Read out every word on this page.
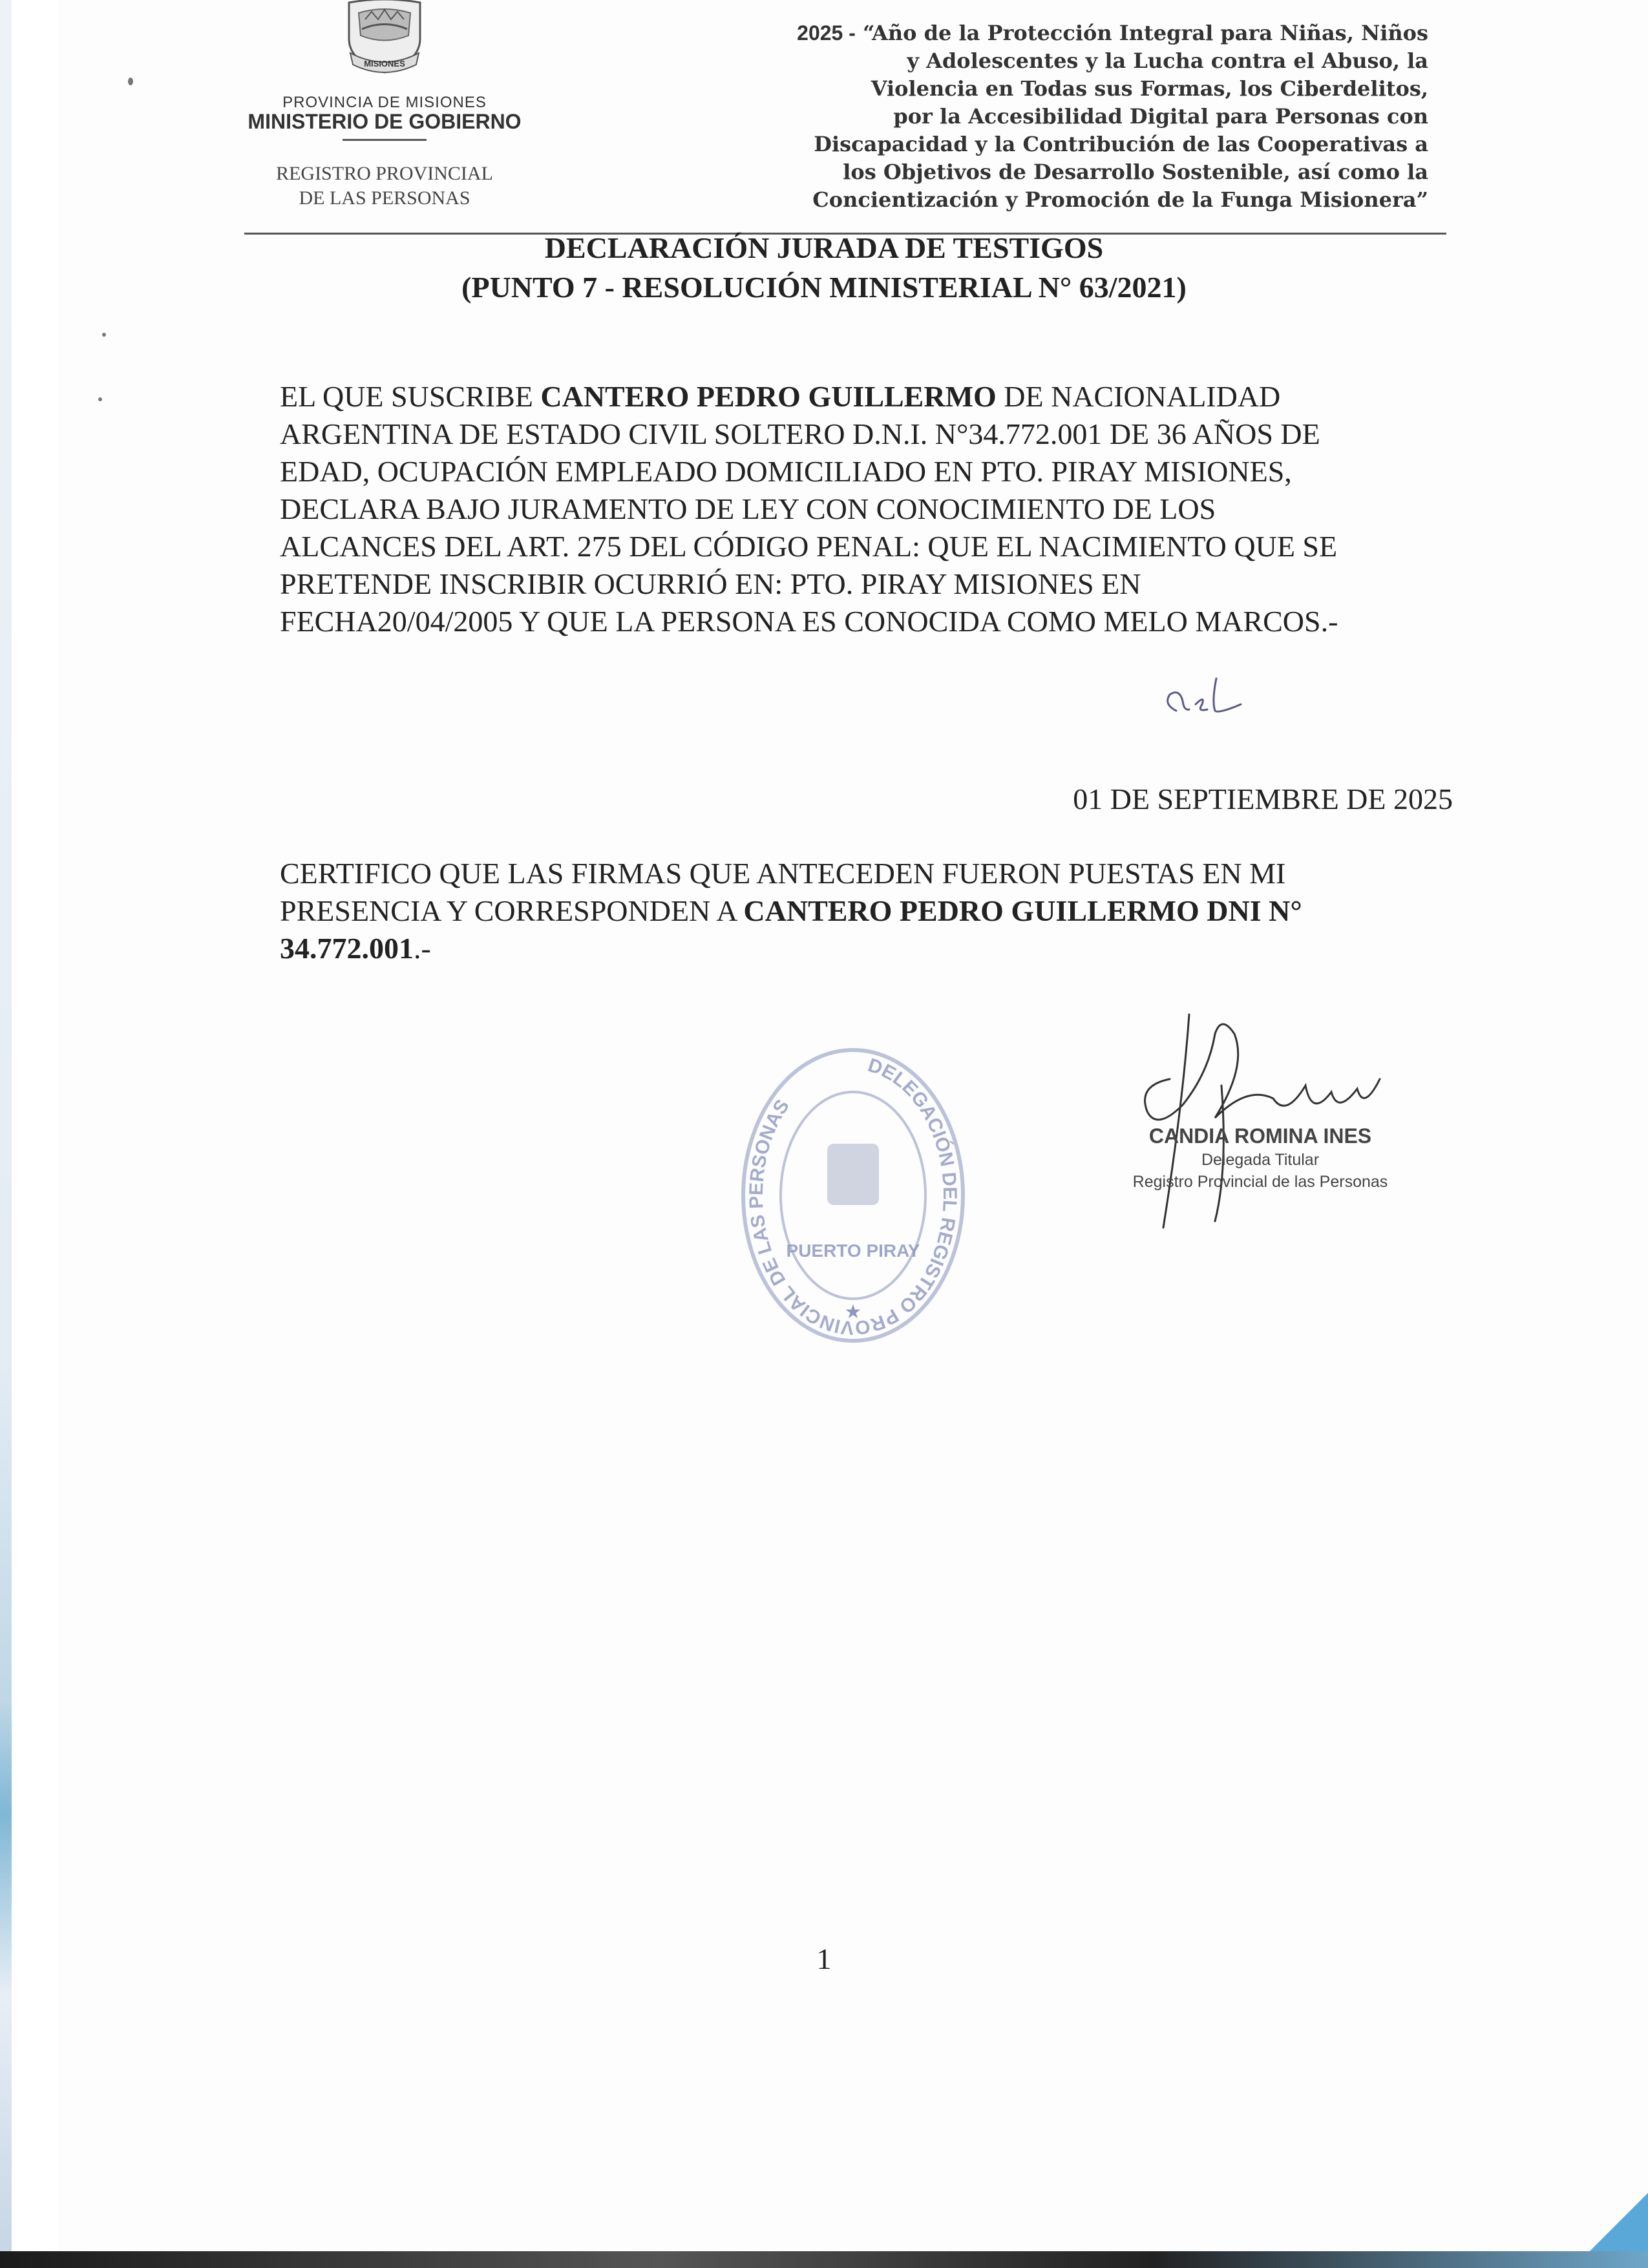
MISIONES
PROVINCIA DE MISIONES
MINISTERIO DE GOBIERNO
REGISTRO PROVINCIAL
DE LAS PERSONAS
2025 - “Año de la Protección Integral para Niñas, Niños
y Adolescentes y la Lucha contra el Abuso, la
Violencia en Todas sus Formas, los Ciberdelitos,
por la Accesibilidad Digital para Personas con
Discapacidad y la Contribución de las Cooperativas a
los Objetivos de Desarrollo Sostenible, así como la
Concientización y Promoción de la Funga Misionera”
DECLARACIÓN JURADA DE TESTIGOS
(PUNTO 7 - RESOLUCIÓN MINISTERIAL N° 63/2021)
EL QUE SUSCRIBE CANTERO PEDRO GUILLERMO DE NACIONALIDAD
ARGENTINA DE ESTADO CIVIL SOLTERO D.N.I. N°34.772.001 DE 36 AÑOS DE
EDAD, OCUPACIÓN EMPLEADO DOMICILIADO EN PTO. PIRAY MISIONES,
DECLARA BAJO JURAMENTO DE LEY CON CONOCIMIENTO DE LOS
ALCANCES DEL ART. 275 DEL CÓDIGO PENAL: QUE EL NACIMIENTO QUE SE
PRETENDE INSCRIBIR OCURRIÓ EN: PTO. PIRAY MISIONES EN
FECHA20/04/2005 Y QUE LA PERSONA ES CONOCIDA COMO MELO MARCOS.-
01 DE SEPTIEMBRE DE 2025
CERTIFICO QUE LAS FIRMAS QUE ANTECEDEN FUERON PUESTAS EN MI
PRESENCIA Y CORRESPONDEN A CANTERO PEDRO GUILLERMO DNI N°
34.772.001.-
DELEGACIÓN DEL REGISTRO PROVINCIAL DE LAS PERSONAS
PUERTO PIRAY
★
CANDIA ROMINA INES
Delegada Titular
Registro Provincial de las Personas
1
